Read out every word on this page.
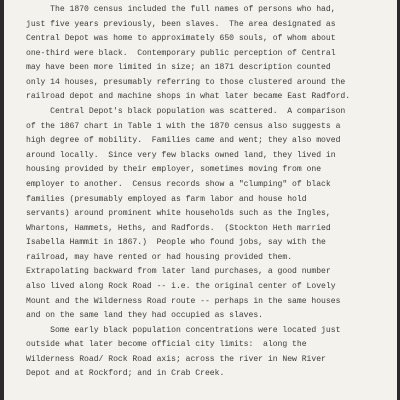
The 1870 census included the full names of persons who had,
just five years previously, been slaves.  The area designated as
Central Depot was home to approximately 650 souls, of whom about
one-third were black.  Contemporary public perception of Central
may have been more limited in size; an 1871 description counted
only 14 houses, presumably referring to those clustered around the
railroad depot and machine shops in what later became East Radford.
Central Depot's black population was scattered.  A comparison
of the 1867 chart in Table 1 with the 1870 census also suggests a
high degree of mobility.  Families came and went; they also moved
around locally.  Since very few blacks owned land, they lived in
housing provided by their employer, sometimes moving from one
employer to another.  Census records show a "clumping" of black
families (presumably employed as farm labor and house hold
servants) around prominent white households such as the Ingles,
Whartons, Hammets, Heths, and Radfords.  (Stockton Heth married
Isabella Hammit in 1867.)  People who found jobs, say with the
railroad, may have rented or had housing provided them.
Extrapolating backward from later land purchases, a good number
also lived along Rock Road -- i.e. the original center of Lovely
Mount and the Wilderness Road route -- perhaps in the same houses
and on the same land they had occupied as slaves.
Some early black population concentrations were located just
outside what later become official city limits:  along the
Wilderness Road/ Rock Road axis; across the river in New River
Depot and at Rockford; and in Crab Creek.
